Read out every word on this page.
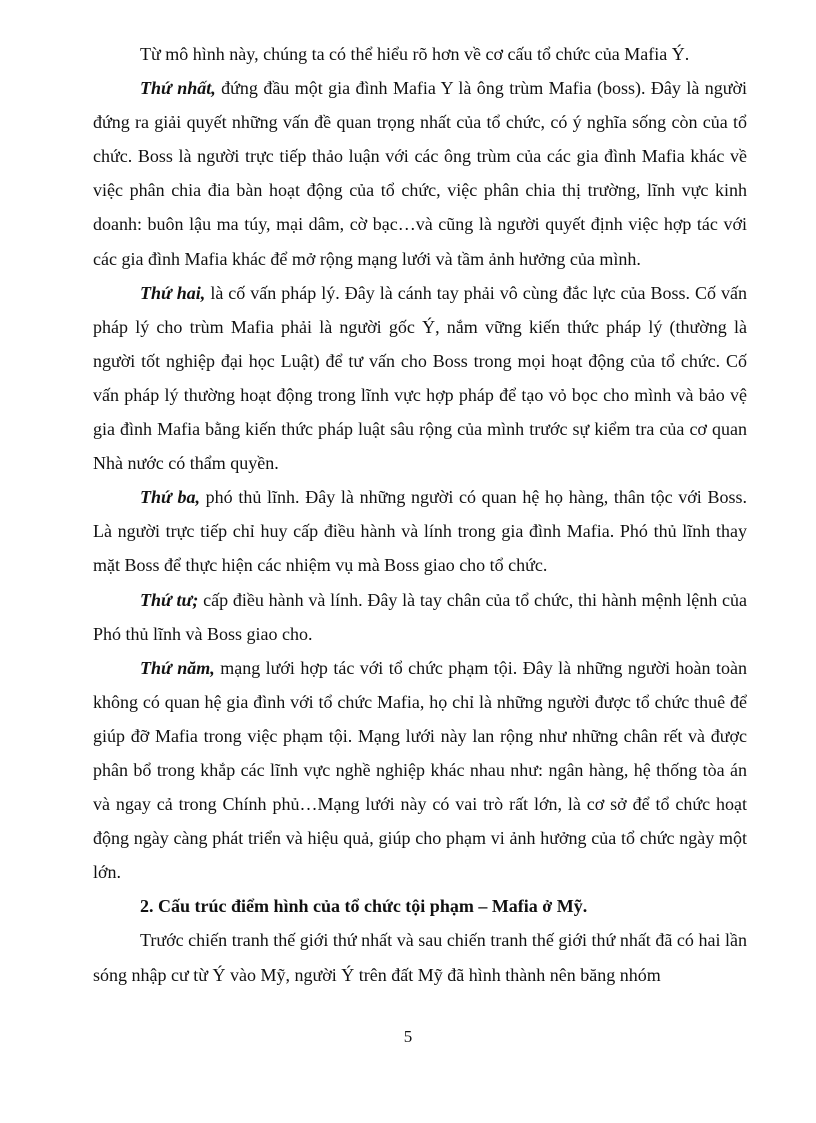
Từ mô hình này, chúng ta có thể hiểu rõ hơn về cơ cấu tổ chức của Mafia Ý.

Thứ nhất, đứng đầu một gia đình Mafia Y là ông trùm Mafia (boss). Đây là người đứng ra giải quyết những vấn đề quan trọng nhất của tổ chức, có ý nghĩa sống còn của tổ chức. Boss là người trực tiếp thảo luận với các ông trùm của các gia đình Mafia khác về việc phân chia đia bàn hoạt động của tổ chức, việc phân chia thị trường, lĩnh vực kinh doanh: buôn lậu ma túy, mại dâm, cờ bạc…và cũng là người quyết định việc hợp tác với các gia đình Mafia khác để mở rộng mạng lưới và tầm ảnh hưởng của mình.

Thứ hai, là cố vấn pháp lý. Đây là cánh tay phải vô cùng đắc lực của Boss. Cố vấn pháp lý cho trùm Mafia phải là người gốc Ý, nắm vững kiến thức pháp lý (thường là người tốt nghiệp đại học Luật) để tư vấn cho Boss trong mọi hoạt động của tổ chức. Cố vấn pháp lý thường hoạt động trong lĩnh vực hợp pháp để tạo vỏ bọc cho mình và bảo vệ gia đình Mafia bằng kiến thức pháp luật sâu rộng của mình trước sự kiểm tra của cơ quan Nhà nước có thẩm quyền.

Thứ ba, phó thủ lĩnh. Đây là những người có quan hệ họ hàng, thân tộc với Boss. Là người trực tiếp chỉ huy cấp điều hành và lính trong gia đình Mafia. Phó thủ lĩnh thay mặt Boss để thực hiện các nhiệm vụ mà Boss giao cho tổ chức.

Thứ tư; cấp điều hành và lính. Đây là tay chân của tổ chức, thi hành mệnh lệnh của Phó thủ lĩnh và Boss giao cho.

Thứ năm, mạng lưới hợp tác với tổ chức phạm tội. Đây là những người hoàn toàn không có quan hệ gia đình với tổ chức Mafia, họ chỉ là những người được tổ chức thuê để giúp đỡ Mafia trong việc phạm tội. Mạng lưới này lan rộng như những chân rết và được phân bổ trong khắp các lĩnh vực nghề nghiệp khác nhau như: ngân hàng, hệ thống tòa án và ngay cả trong Chính phủ…Mạng lưới này có vai trò rất lớn, là cơ sở để tổ chức hoạt động ngày càng phát triển và hiệu quả, giúp cho phạm vi ảnh hưởng của tổ chức ngày một lớn.

2. Cấu trúc điểm hình của tổ chức tội phạm – Mafia ở Mỹ.

Trước chiến tranh thế giới thứ nhất và sau chiến tranh thế giới thứ nhất đã có hai lần sóng nhập cư từ Ý vào Mỹ, người Ý trên đất Mỹ đã hình thành nên băng nhóm

5
